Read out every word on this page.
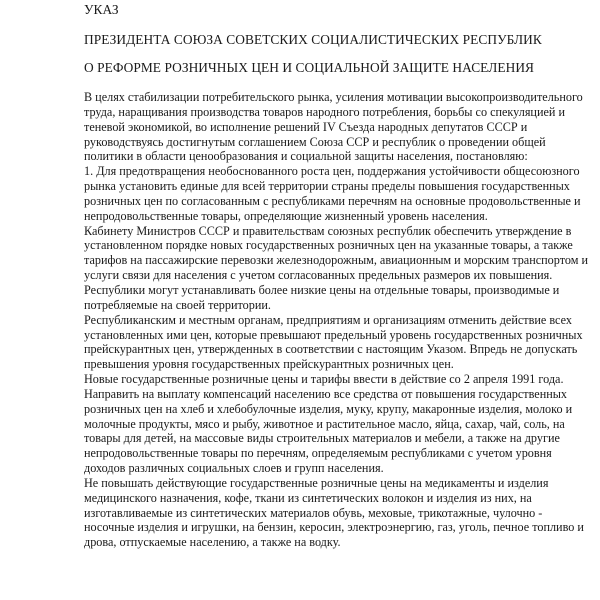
УКАЗ
ПРЕЗИДЕНТА СОЮЗА СОВЕТСКИХ СОЦИАЛИСТИЧЕСКИХ РЕСПУБЛИК
О РЕФОРМЕ РОЗНИЧНЫХ ЦЕН И СОЦИАЛЬНОЙ ЗАЩИТЕ НАСЕЛЕНИЯ

В целях стабилизации потребительского рынка, усиления мотивации высокопроизводительного труда, наращивания производства товаров народного потребления, борьбы со спекуляцией и теневой экономикой, во исполнение решений IV Съезда народных депутатов СССР и руководствуясь достигнутым соглашением Союза ССР и республик о проведении общей политики в области ценообразования и социальной защиты населения, постановляю:

1. Для предотвращения необоснованного роста цен, поддержания устойчивости общесоюзного рынка установить единые для всей территории страны пределы повышения государственных розничных цен по согласованным с республиками перечням на основные продовольственные и непродовольственные товары, определяющие жизненный уровень населения.

Кабинету Министров СССР и правительствам союзных республик обеспечить утверждение в установленном порядке новых государственных розничных цен на указанные товары, а также тарифов на пассажирские перевозки железнодорожным, авиационным и морским транспортом и услуги связи для населения с учетом согласованных предельных размеров их повышения. Республики могут устанавливать более низкие цены на отдельные товары, производимые и потребляемые на своей территории.

Республиканским и местным органам, предприятиям и организациям отменить действие всех установленных ими цен, которые превышают предельный уровень государственных розничных прейскурантных цен, утвержденных в соответствии с настоящим Указом. Впредь не допускать превышения уровня государственных прейскурантных розничных цен.

Новые государственные розничные цены и тарифы ввести в действие со 2 апреля 1991 года.

Направить на выплату компенсаций населению все средства от повышения государственных розничных цен на хлеб и хлебобулочные изделия, муку, крупу, макаронные изделия, молоко и молочные продукты, мясо и рыбу, животное и растительное масло, яйца, сахар, чай, соль, на товары для детей, на массовые виды строительных материалов и мебели, а также на другие непродовольственные товары по перечням, определяемым республиками с учетом уровня доходов различных социальных слоев и групп населения.

Не повышать действующие государственные розничные цены на медикаменты и изделия медицинского назначения, кофе, ткани из синтетических волокон и изделия из них, на изготавливаемые из синтетических материалов обувь, меховые, трикотажные, чулочно - носочные изделия и игрушки, на бензин, керосин, электроэнергию, газ, уголь, печное топливо и дрова, отпускаемые населению, а также на водку.
